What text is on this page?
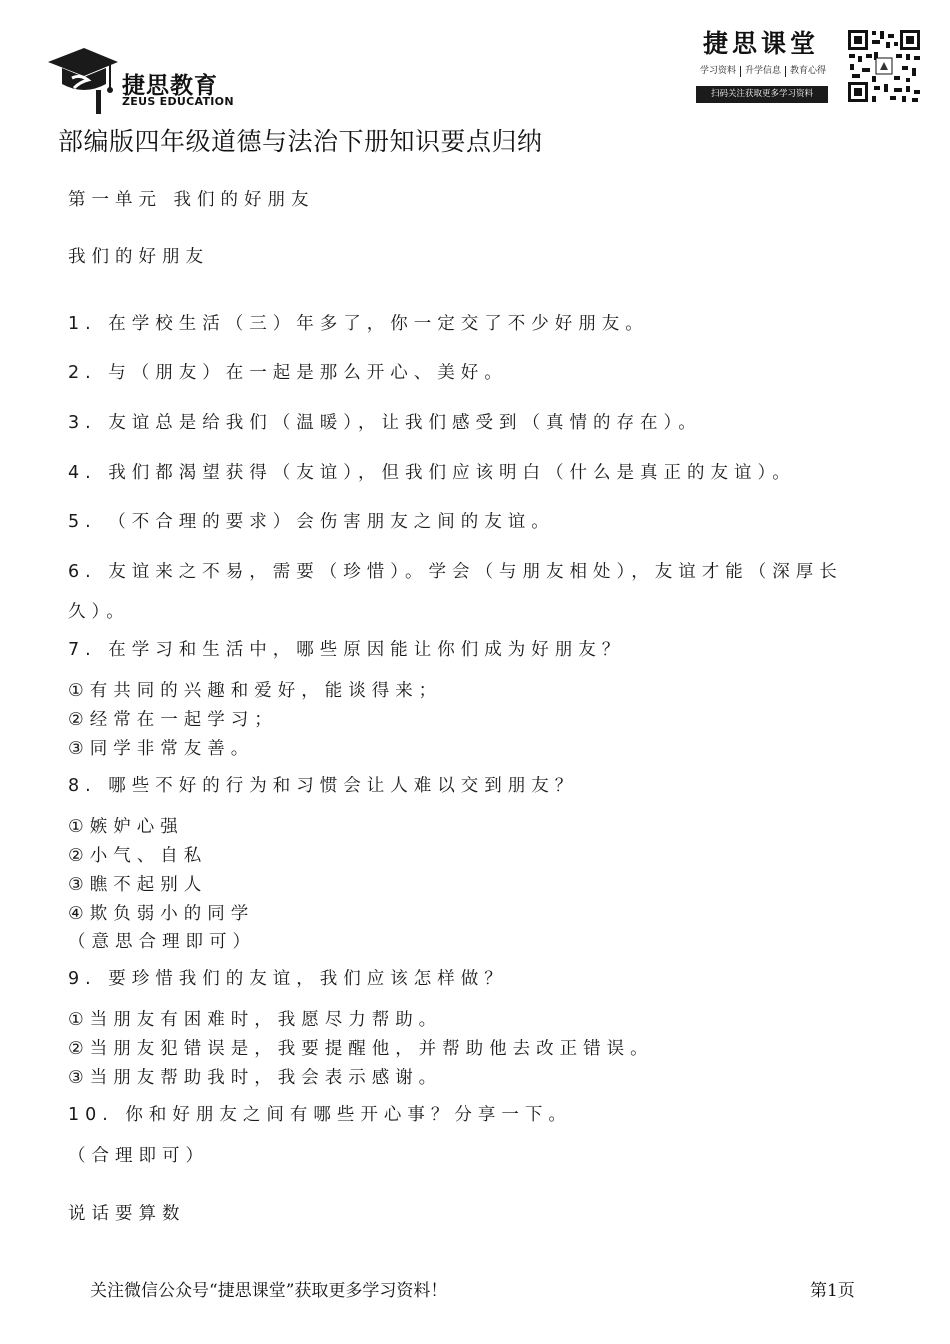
捷思教育
ZEUS EDUCATION
捷思课堂
学习资料	升学信息	教育心得
扫码关注获取更多学习资料
部编版四年级道德与法治下册知识要点归纳
第一单元 我们的好朋友
我们的好朋友
1. 在学校生活（三）年多了，你一定交了不少好朋友。
2. 与（朋友）在一起是那么开心、美好。
3. 友谊总是给我们（温暖），让我们感受到（真情的存在）。
4. 我们都渴望获得（友谊），但我们应该明白（什么是真正的友谊）。
5. （不合理的要求）会伤害朋友之间的友谊。
6. 友谊来之不易，需要（珍惜）。学会（与朋友相处），友谊才能（深厚长
久）。
7. 在学习和生活中，哪些原因能让你们成为好朋友？
①有共同的兴趣和爱好，能谈得来；
②经常在一起学习；
③同学非常友善。
8. 哪些不好的行为和习惯会让人难以交到朋友？
①嫉妒心强
②小气、自私
③瞧不起别人
④欺负弱小的同学
（意思合理即可）
9. 要珍惜我们的友谊，我们应该怎样做？
①当朋友有困难时，我愿尽力帮助。
②当朋友犯错误是，我要提醒他，并帮助他去改正错误。
③当朋友帮助我时，我会表示感谢。
10. 你和好朋友之间有哪些开心事？分享一下。
（合理即可）
说话要算数
关注微信公众号“捷思课堂”获取更多学习资料！	第1页
